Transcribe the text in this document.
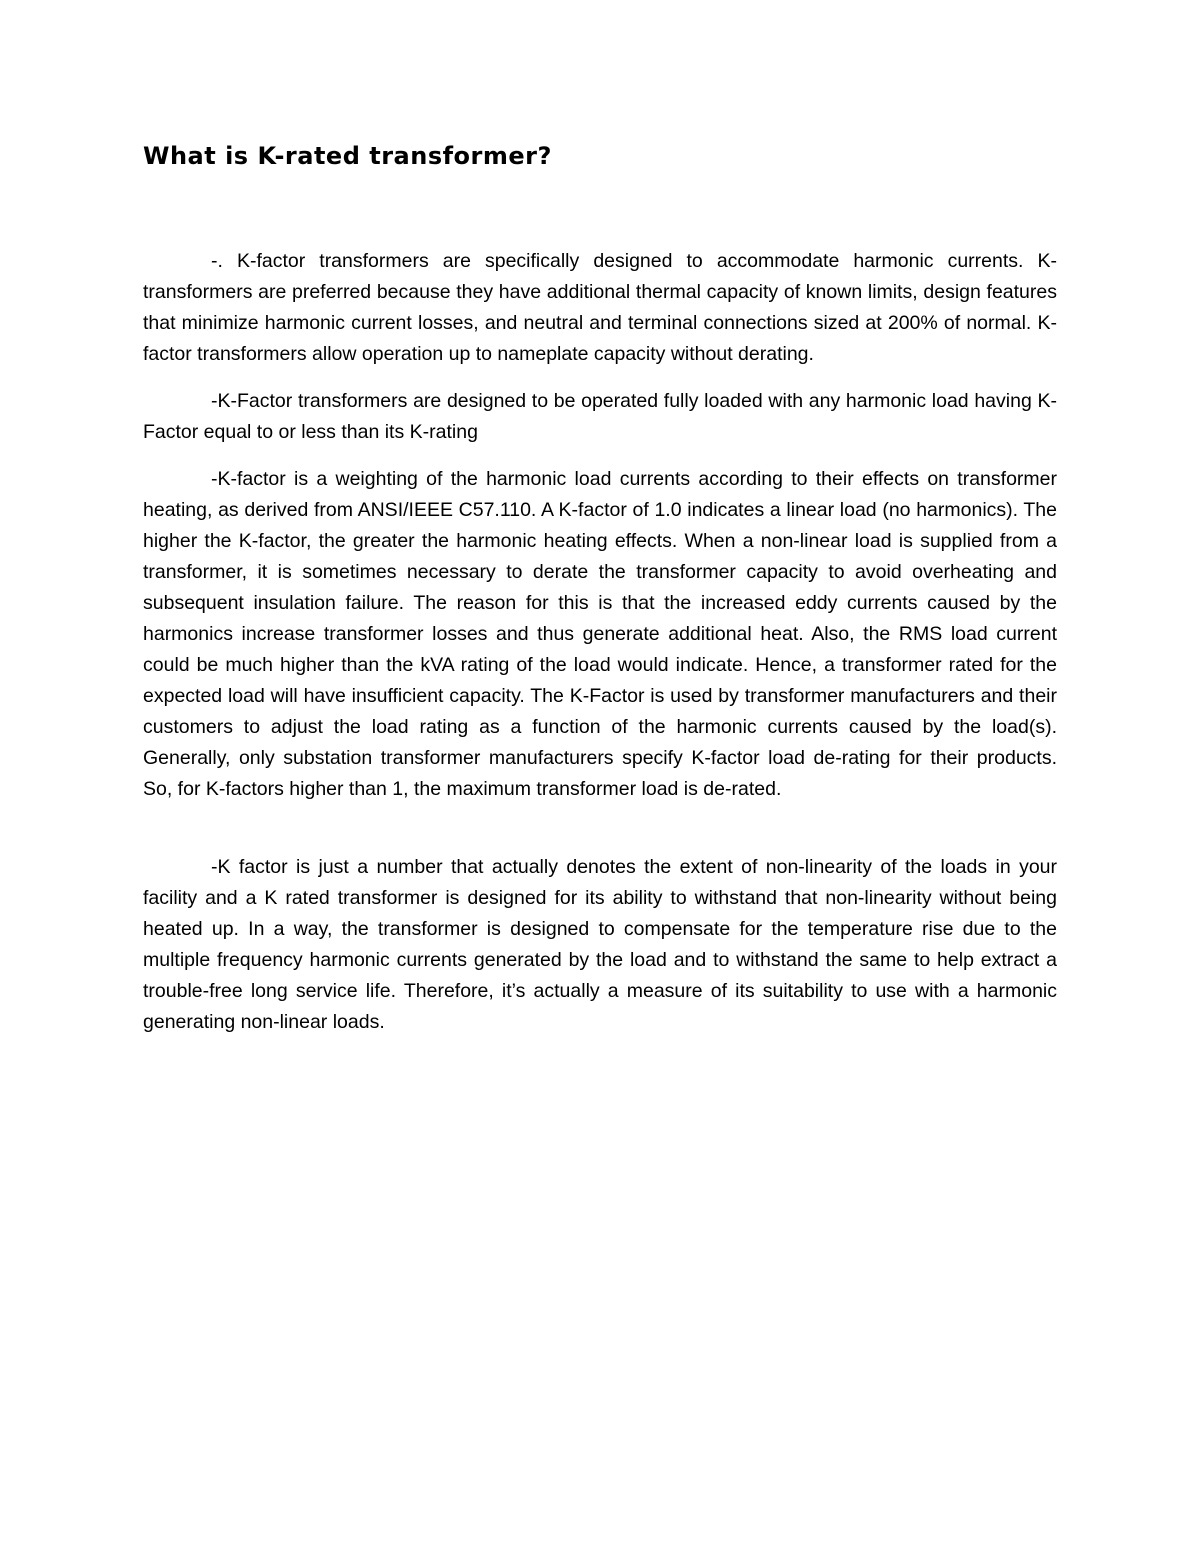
What is K-rated transformer?

-. K-factor transformers are specifically designed to accommodate harmonic currents. K-transformers are preferred because they have additional thermal capacity of known limits, design features that minimize harmonic current losses, and neutral and terminal connections sized at 200% of normal. K-factor transformers allow operation up to nameplate capacity without derating.

-K-Factor transformers are designed to be operated fully loaded with any harmonic load having K-Factor equal to or less than its K-rating

-K-factor is a weighting of the harmonic load currents according to their effects on transformer heating, as derived from ANSI/IEEE C57.110. A K-factor of 1.0 indicates a linear load (no harmonics). The higher the K-factor, the greater the harmonic heating effects. When a non-linear load is supplied from a transformer, it is sometimes necessary to derate the transformer capacity to avoid overheating and subsequent insulation failure. The reason for this is that the increased eddy currents caused by the harmonics increase transformer losses and thus generate additional heat. Also, the RMS load current could be much higher than the kVA rating of the load would indicate. Hence, a transformer rated for the expected load will have insufficient capacity. The K-Factor is used by transformer manufacturers and their customers to adjust the load rating as a function of the harmonic currents caused by the load(s). Generally, only substation transformer manufacturers specify K-factor load de-rating for their products. So, for K-factors higher than 1, the maximum transformer load is de-rated.

-K factor is just a number that actually denotes the extent of non-linearity of the loads in your facility and a K rated transformer is designed for its ability to withstand that non-linearity without being heated up. In a way, the transformer is designed to compensate for the temperature rise due to the multiple frequency harmonic currents generated by the load and to withstand the same to help extract a trouble-free long service life. Therefore, it’s actually a measure of its suitability to use with a harmonic generating non-linear loads.
